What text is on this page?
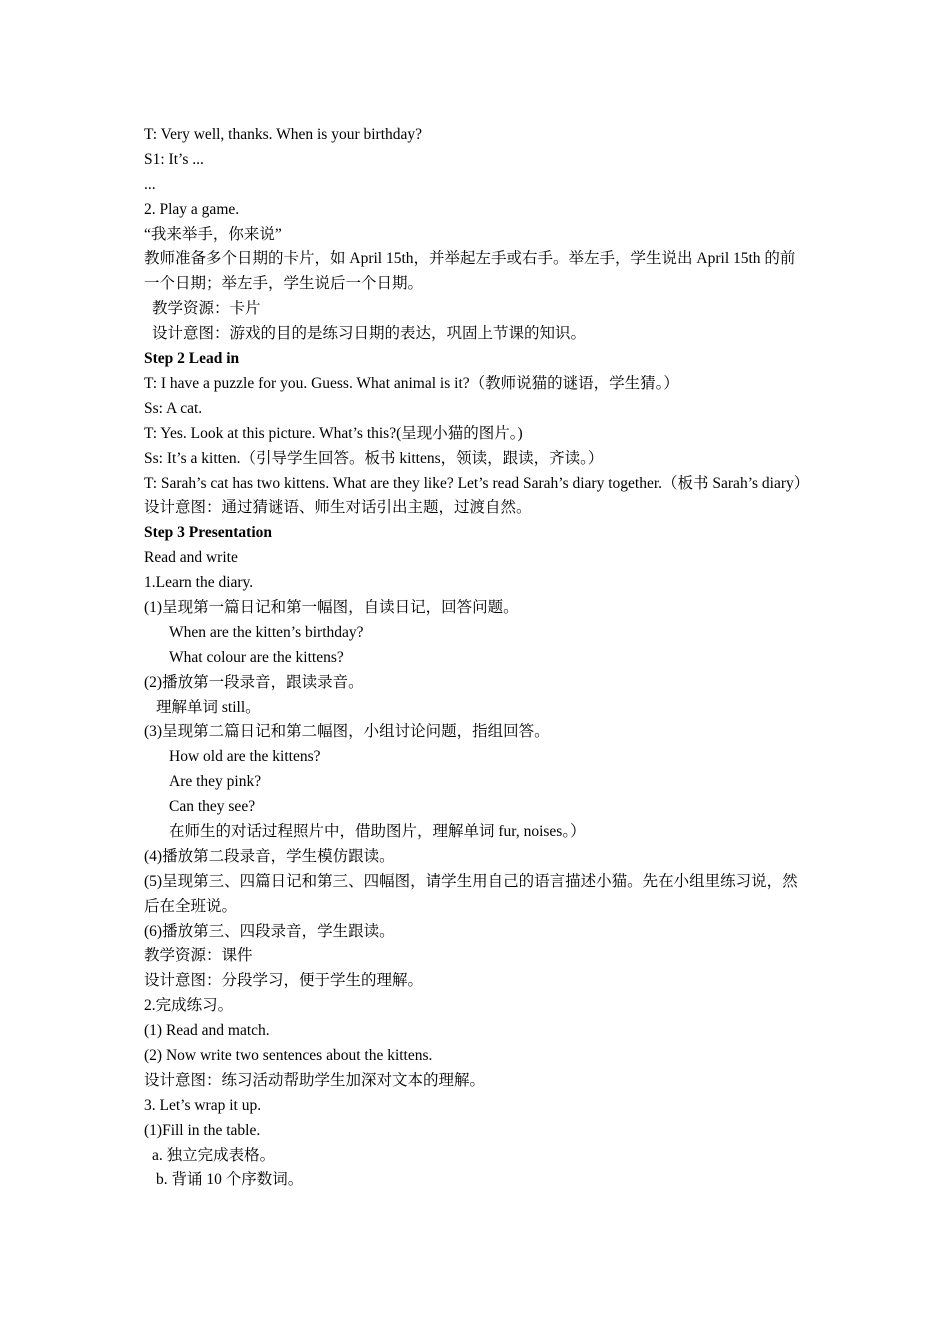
T: Very well, thanks. When is your birthday?
S1: It’s ...
...
2. Play a game.
“我来举手，你来说”
教师准备多个日期的卡片，如 April 15th，并举起左手或右手。举左手，学生说出 April 15th 的前一个日期；举左手，学生说后一个日期。
教学资源：卡片
设计意图：游戏的目的是练习日期的表达，巩固上节课的知识。
Step 2 Lead in
T: I have a puzzle for you. Guess. What animal is it?（教师说猫的谜语，学生猜。）
Ss: A cat.
T: Yes. Look at this picture. What’s this?(呈现小猫的图片。)
Ss: It’s a kitten.（引导学生回答。板书 kittens，领读，跟读，齐读。）
T: Sarah’s cat has two kittens. What are they like? Let’s read Sarah’s diary together.（板书 Sarah’s diary）
设计意图：通过猜谜语、师生对话引出主题，过渡自然。
Step 3 Presentation
Read and write
1.Learn the diary.
(1)呈现第一篇日记和第一幅图，自读日记，回答问题。
When are the kitten’s birthday?
What colour are the kittens?
(2)播放第一段录音，跟读录音。
理解单词 still。
(3)呈现第二篇日记和第二幅图，小组讨论问题，指组回答。
How old are the kittens?
Are they pink?
Can they see?
在师生的对话过程照片中，借助图片，理解单词 fur, noises。）
(4)播放第二段录音，学生模仿跟读。
(5)呈现第三、四篇日记和第三、四幅图，请学生用自己的语言描述小猫。先在小组里练习说，然后在全班说。
(6)播放第三、四段录音，学生跟读。
教学资源：课件
设计意图：分段学习，便于学生的理解。
2.完成练习。
(1) Read and match.
(2) Now write two sentences about the kittens.
设计意图：练习活动帮助学生加深对文本的理解。
3. Let’s wrap it up.
(1)Fill in the table.
a. 独立完成表格。
b. 背诵 10 个序数词。
